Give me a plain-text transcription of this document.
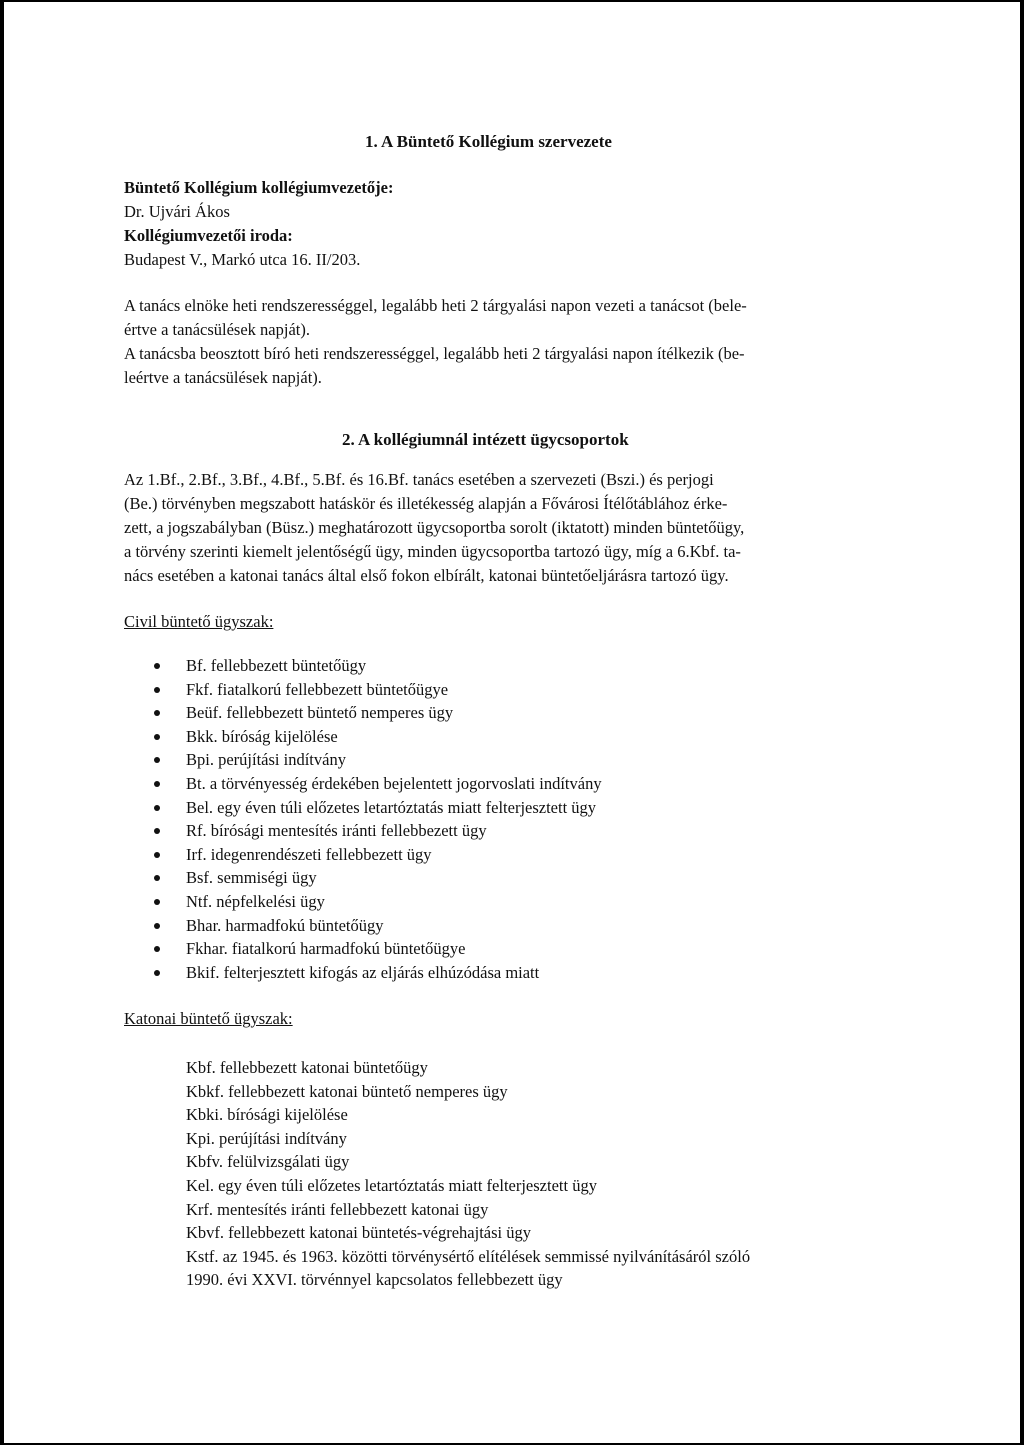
1. A Büntető Kollégium szervezete
Büntető Kollégium kollégiumvezetője:
Dr. Ujvári Ákos
Kollégiumvezetői iroda:
Budapest V., Markó utca 16. II/203.
A tanács elnöke heti rendszerességgel, legalább heti 2 tárgyalási napon vezeti a tanácsot (bele-
értve a tanácsülések napját).
A tanácsba beosztott bíró heti rendszerességgel, legalább heti 2 tárgyalási napon ítélkezik (be-
leértve a tanácsülések napját).
2. A kollégiumnál intézett ügycsoportok
Az 1.Bf., 2.Bf., 3.Bf., 4.Bf., 5.Bf. és 16.Bf. tanács esetében a szervezeti (Bszi.) és perjogi
(Be.) törvényben megszabott hatáskör és illetékesség alapján a Fővárosi Ítélőtáblához érke-
zett, a jogszabályban (Büsz.) meghatározott ügycsoportba sorolt (iktatott) minden büntetőügy,
a törvény szerinti kiemelt jelentőségű ügy, minden ügycsoportba tartozó ügy, míg a 6.Kbf. ta-
nács esetében a katonai tanács által első fokon elbírált, katonai büntetőeljárásra tartozó ügy.
Civil büntető ügyszak:
Bf. fellebbezett büntetőügy
Fkf. fiatalkorú fellebbezett büntetőügye
Beüf. fellebbezett büntető nemperes ügy
Bkk. bíróság kijelölése
Bpi. perújítási indítvány
Bt. a törvényesség érdekében bejelentett jogorvoslati indítvány
Bel. egy éven túli előzetes letartóztatás miatt felterjesztett ügy
Rf. bírósági mentesítés iránti fellebbezett ügy
Irf. idegenrendészeti fellebbezett ügy
Bsf. semmiségi ügy
Ntf. népfelkelési ügy
Bhar. harmadfokú büntetőügy
Fkhar. fiatalkorú harmadfokú büntetőügye
Bkif. felterjesztett kifogás az eljárás elhúzódása miatt
Katonai büntető ügyszak:
Kbf. fellebbezett katonai büntetőügy
Kbkf. fellebbezett katonai büntető nemperes ügy
Kbki. bírósági kijelölése
Kpi. perújítási indítvány
Kbfv. felülvizsgálati ügy
Kel. egy éven túli előzetes letartóztatás miatt felterjesztett ügy
Krf. mentesítés iránti fellebbezett katonai ügy
Kbvf. fellebbezett katonai büntetés-végrehajtási ügy
Kstf. az 1945. és 1963. közötti törvénysértő elítélések semmissé nyilvánításáról szóló
1990. évi XXVI. törvénnyel kapcsolatos fellebbezett ügy
